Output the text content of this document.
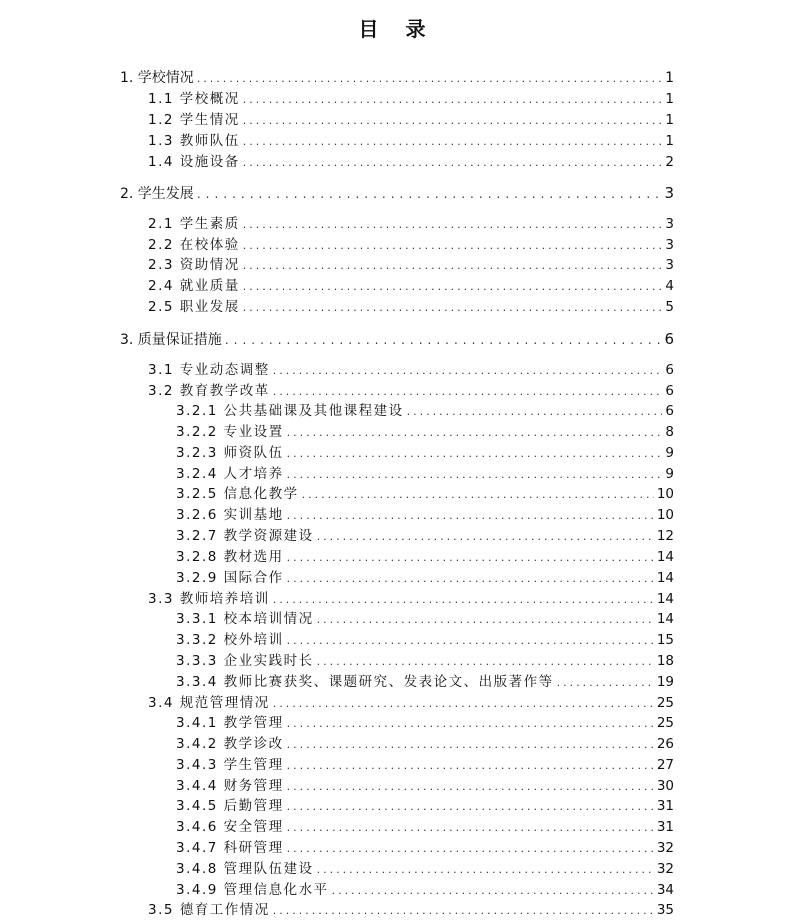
目 录
1. 学校情况 .....	1
1.1 学校概况 .....	1
1.2 学生情况 .....	1
1.3 教师队伍 .....	1
1.4 设施设备 .....	2
2. 学生发展 .....	3
2.1 学生素质 .....	3
2.2 在校体验 .....	3
2.3 资助情况 .....	3
2.4 就业质量 .....	4
2.5 职业发展 .....	5
3. 质量保证措施 .....	6
3.1 专业动态调整 .....	6
3.2 教育教学改革 .....	6
3.2.1 公共基础课及其他课程建设 .....	6
3.2.2 专业设置 .....	8
3.2.3 师资队伍 .....	9
3.2.4 人才培养 .....	9
3.2.5 信息化教学 .....	10
3.2.6 实训基地 .....	10
3.2.7 教学资源建设 .....	12
3.2.8 教材选用 .....	14
3.2.9 国际合作 .....	14
3.3 教师培养培训 .....	14
3.3.1 校本培训情况 .....	14
3.3.2 校外培训 .....	15
3.3.3 企业实践时长 .....	18
3.3.4 教师比赛获奖、课题研究、发表论文、出版著作等 .....	19
3.4 规范管理情况 .....	25
3.4.1 教学管理 .....	25
3.4.2 教学诊改 .....	26
3.4.3 学生管理 .....	27
3.4.4 财务管理 .....	30
3.4.5 后勤管理 .....	31
3.4.6 安全管理 .....	31
3.4.7 科研管理 .....	32
3.4.8 管理队伍建设 .....	32
3.4.9 管理信息化水平 .....	34
3.5 德育工作情况 .....	35
